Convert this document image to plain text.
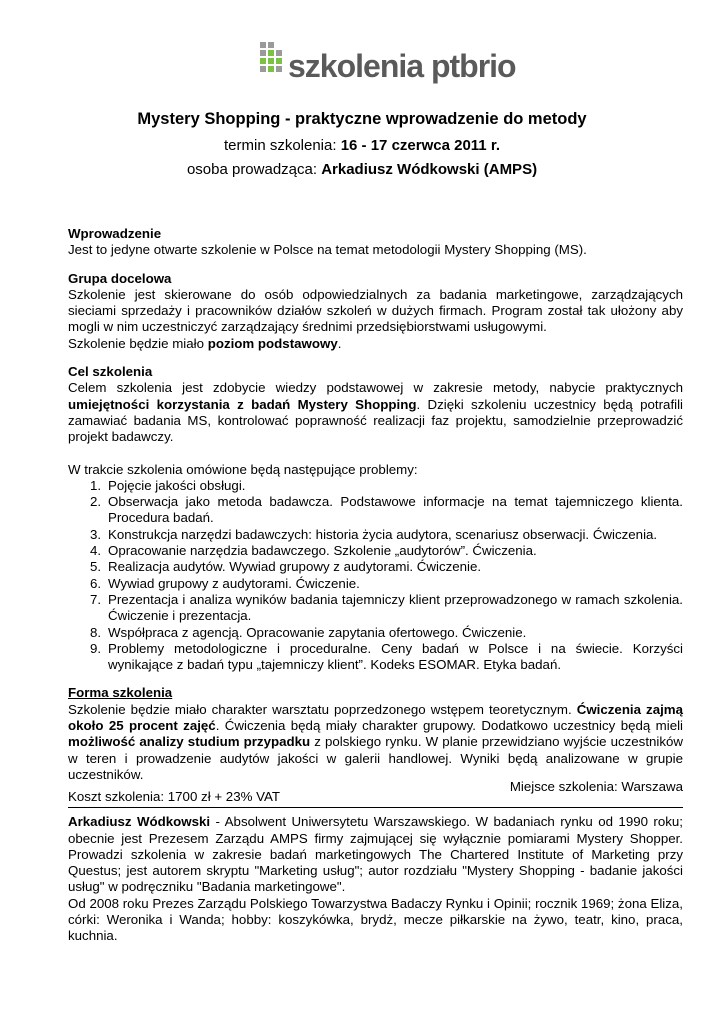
szkolenia ptbrio
Mystery Shopping - praktyczne wprowadzenie do metody
termin szkolenia: 16 - 17 czerwca 2011 r.
osoba prowadząca: Arkadiusz Wódkowski (AMPS)

Wprowadzenie

Jest to jedyne otwarte szkolenie w Polsce na temat metodologii Mystery Shopping (MS).

Grupa docelowa

Szkolenie jest skierowane do osób odpowiedzialnych za badania marketingowe, zarządzających sieciami sprzedaży i pracowników działów szkoleń w dużych firmach. Program został tak ułożony aby mogli w nim uczestniczyć zarządzający średnimi przedsiębiorstwami usługowymi.

Szkolenie będzie miało poziom podstawowy.

Cel szkolenia

Celem szkolenia jest zdobycie wiedzy podstawowej w zakresie metody, nabycie praktycznych umiejętności korzystania z badań Mystery Shopping. Dzięki szkoleniu uczestnicy będą potrafili zamawiać badania MS, kontrolować poprawność realizacji faz projektu, samodzielnie przeprowadzić projekt badawczy.

W trakcie szkolenia omówione będą następujące problemy:

1. Pojęcie jakości obsługi.
2. Obserwacja jako metoda badawcza. Podstawowe informacje na temat tajemniczego klienta. Procedura badań.
3. Konstrukcja narzędzi badawczych: historia życia audytora, scenariusz obserwacji. Ćwiczenia.
4. Opracowanie narzędzia badawczego. Szkolenie „audytorów”. Ćwiczenia.
5. Realizacja audytów. Wywiad grupowy z audytorami. Ćwiczenie.
6. Wywiad grupowy z audytorami. Ćwiczenie.
7. Prezentacja i analiza wyników badania tajemniczy klient przeprowadzonego w ramach szkolenia. Ćwiczenie i prezentacja.
8. Współpraca z agencją. Opracowanie zapytania ofertowego. Ćwiczenie.
9. Problemy metodologiczne i proceduralne. Ceny badań w Polsce i na świecie. Korzyści wynikające z badań typu „tajemniczy klient”. Kodeks ESOMAR. Etyka badań.

Forma szkolenia

Szkolenie będzie miało charakter warsztatu poprzedzonego wstępem teoretycznym. Ćwiczenia zajmą około 25 procent zajęć. Ćwiczenia będą miały charakter grupowy. Dodatkowo uczestnicy będą mieli możliwość analizy studium przypadku z polskiego rynku. W planie przewidziano wyjście uczestników w teren i prowadzenie audytów jakości w galerii handlowej. Wyniki będą analizowane w grupie uczestników.

Koszt szkolenia: 1700 zł + 23% VAT
Miejsce szkolenia: Warszawa

Arkadiusz Wódkowski - Absolwent Uniwersytetu Warszawskiego. W badaniach rynku od 1990 roku; obecnie jest Prezesem Zarządu AMPS firmy zajmującej się wyłącznie pomiarami Mystery Shopper. Prowadzi szkolenia w zakresie badań marketingowych The Chartered Institute of Marketing przy Questus; jest autorem skryptu "Marketing usług"; autor rozdziału "Mystery Shopping - badanie jakości usług" w podręczniku "Badania marketingowe".

Od 2008 roku Prezes Zarządu Polskiego Towarzystwa Badaczy Rynku i Opinii; rocznik 1969; żona Eliza, córki: Weronika i Wanda; hobby: koszykówka, brydż, mecze piłkarskie na żywo, teatr, kino, praca, kuchnia.
